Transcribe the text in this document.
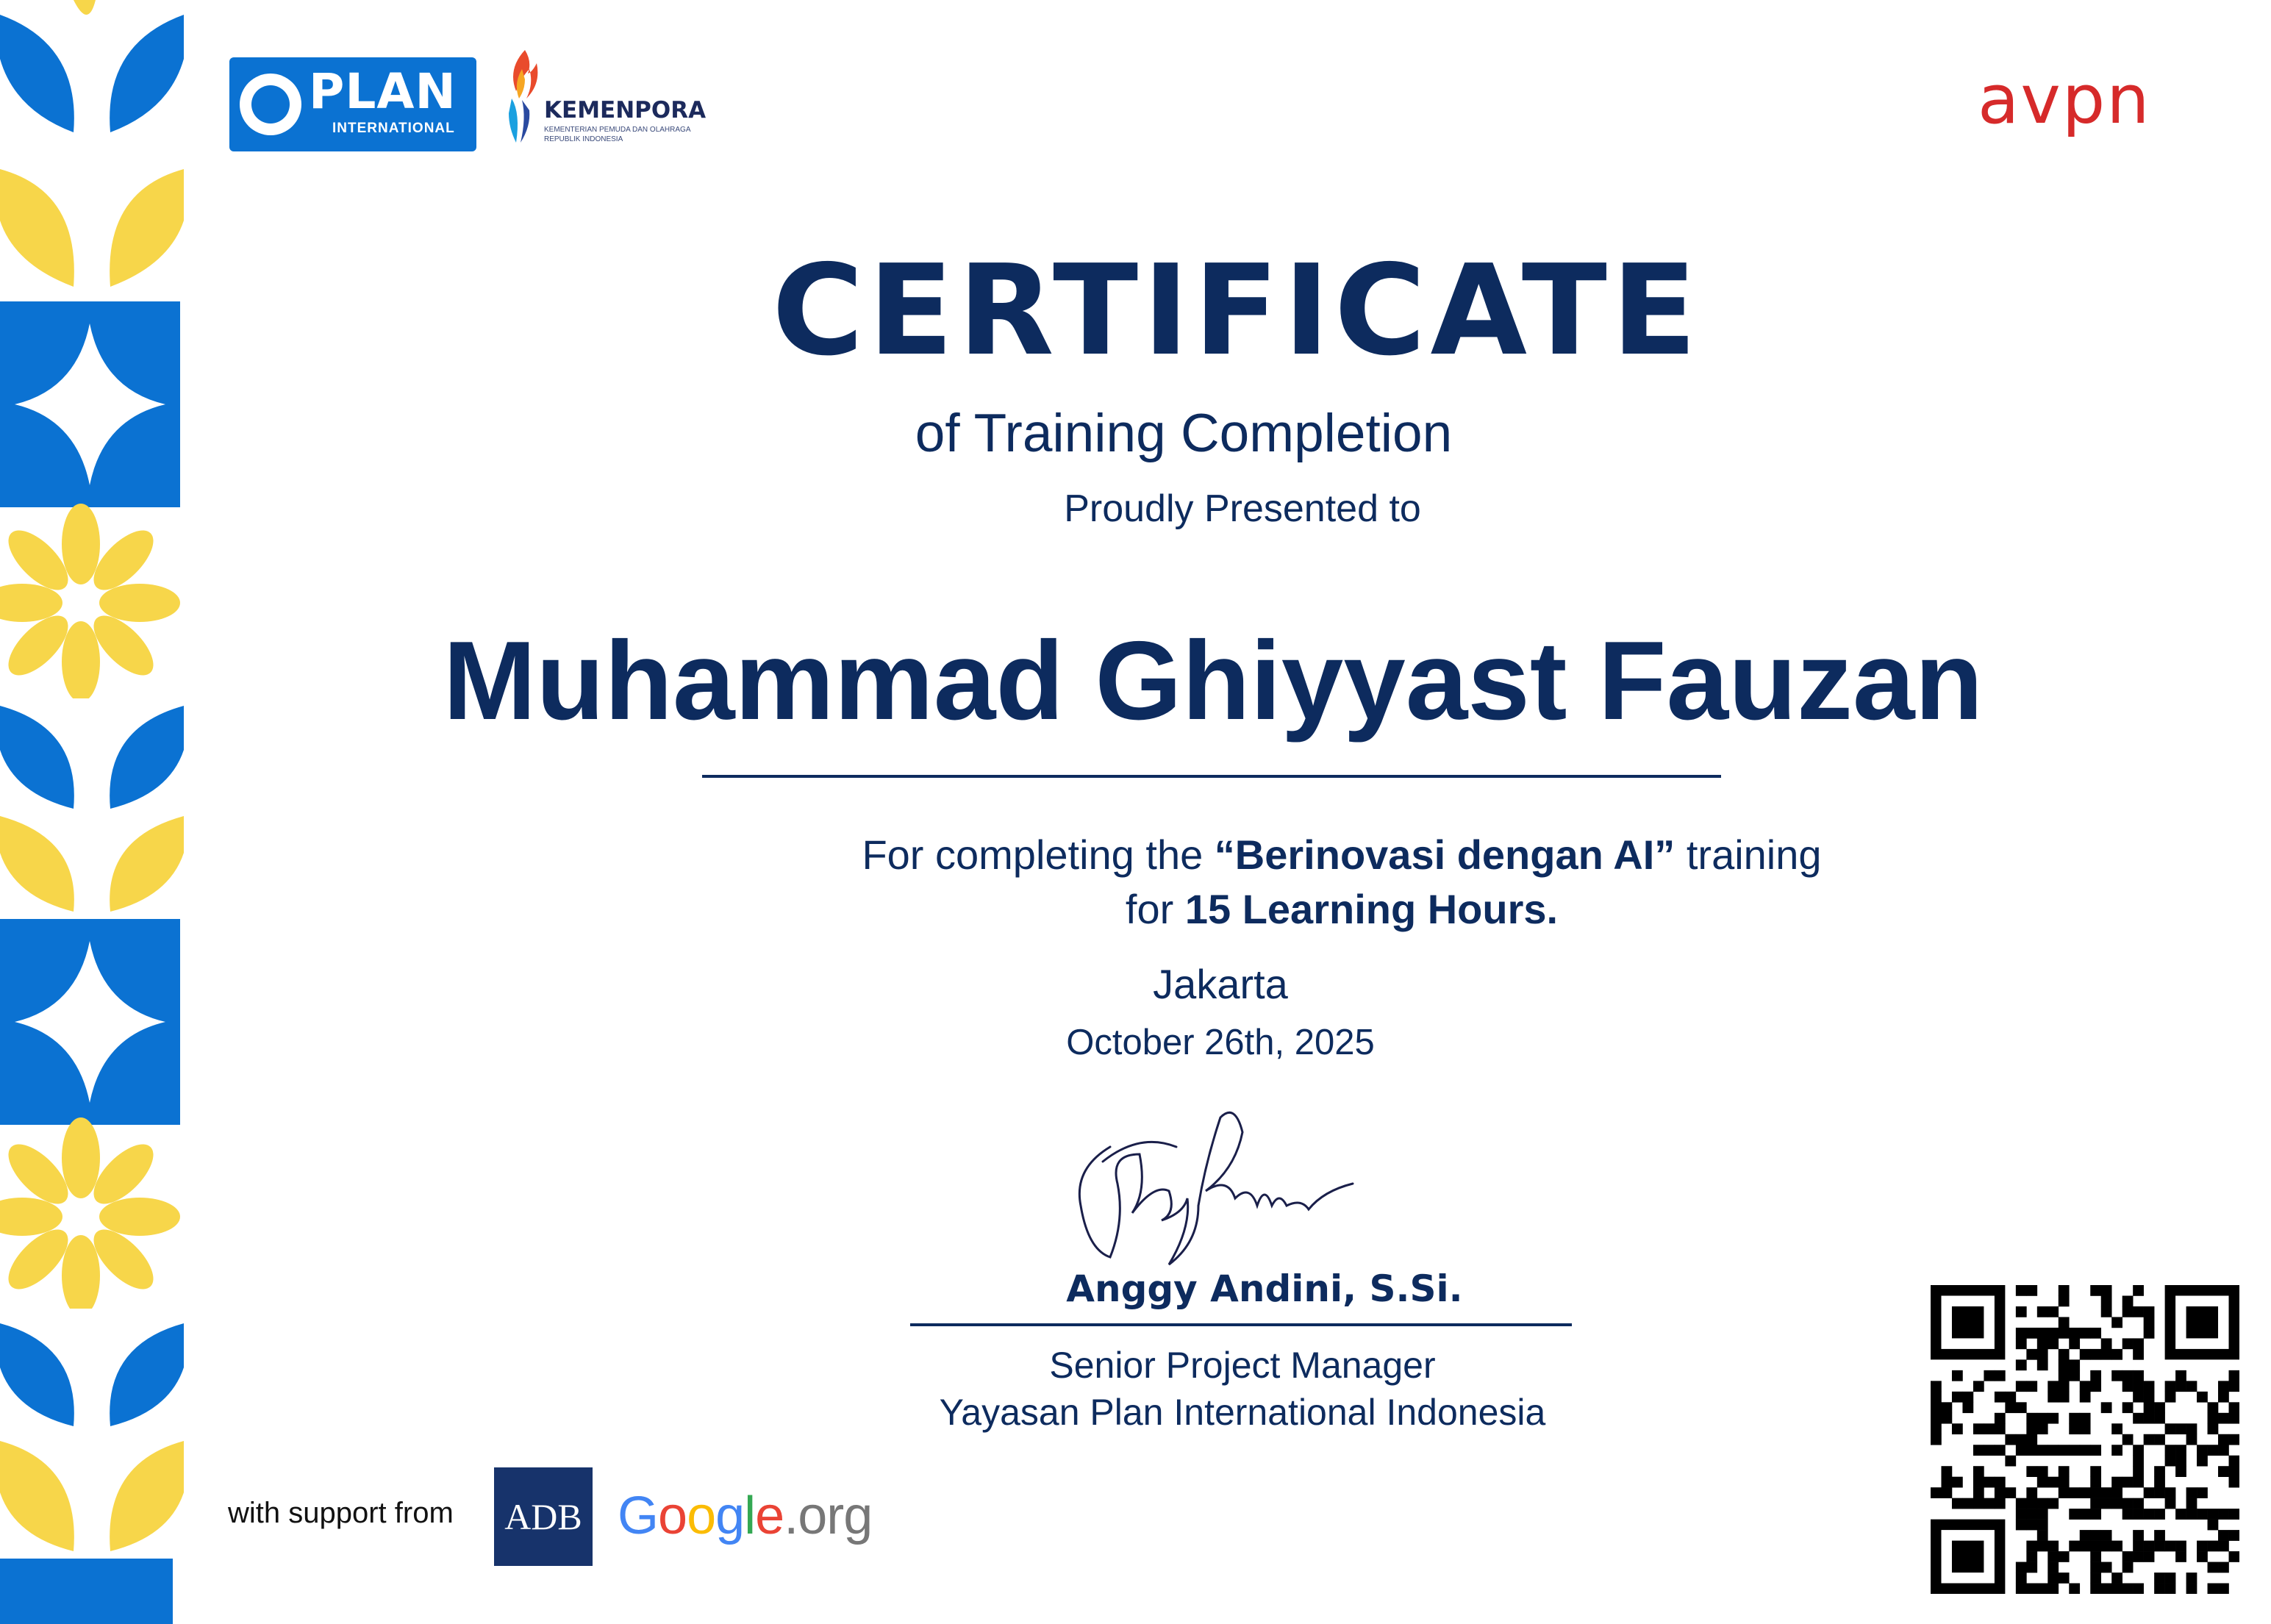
PLAN
INTERNATIONAL
KEMENPORA
KEMENTERIAN PEMUDA DAN OLAHRAGA
REPUBLIK INDONESIA
avpn
CERTIFICATE
of Training Completion
Proudly Presented to
Muhammad Ghiyyast Fauzan
For completing the “Berinovasi dengan AI” training
for 15 Learning Hours.
Jakarta
October 26th, 2025
Anggy Andini, S.Si.
Senior Project Manager
Yayasan Plan International Indonesia
with support from ADB Google.org
